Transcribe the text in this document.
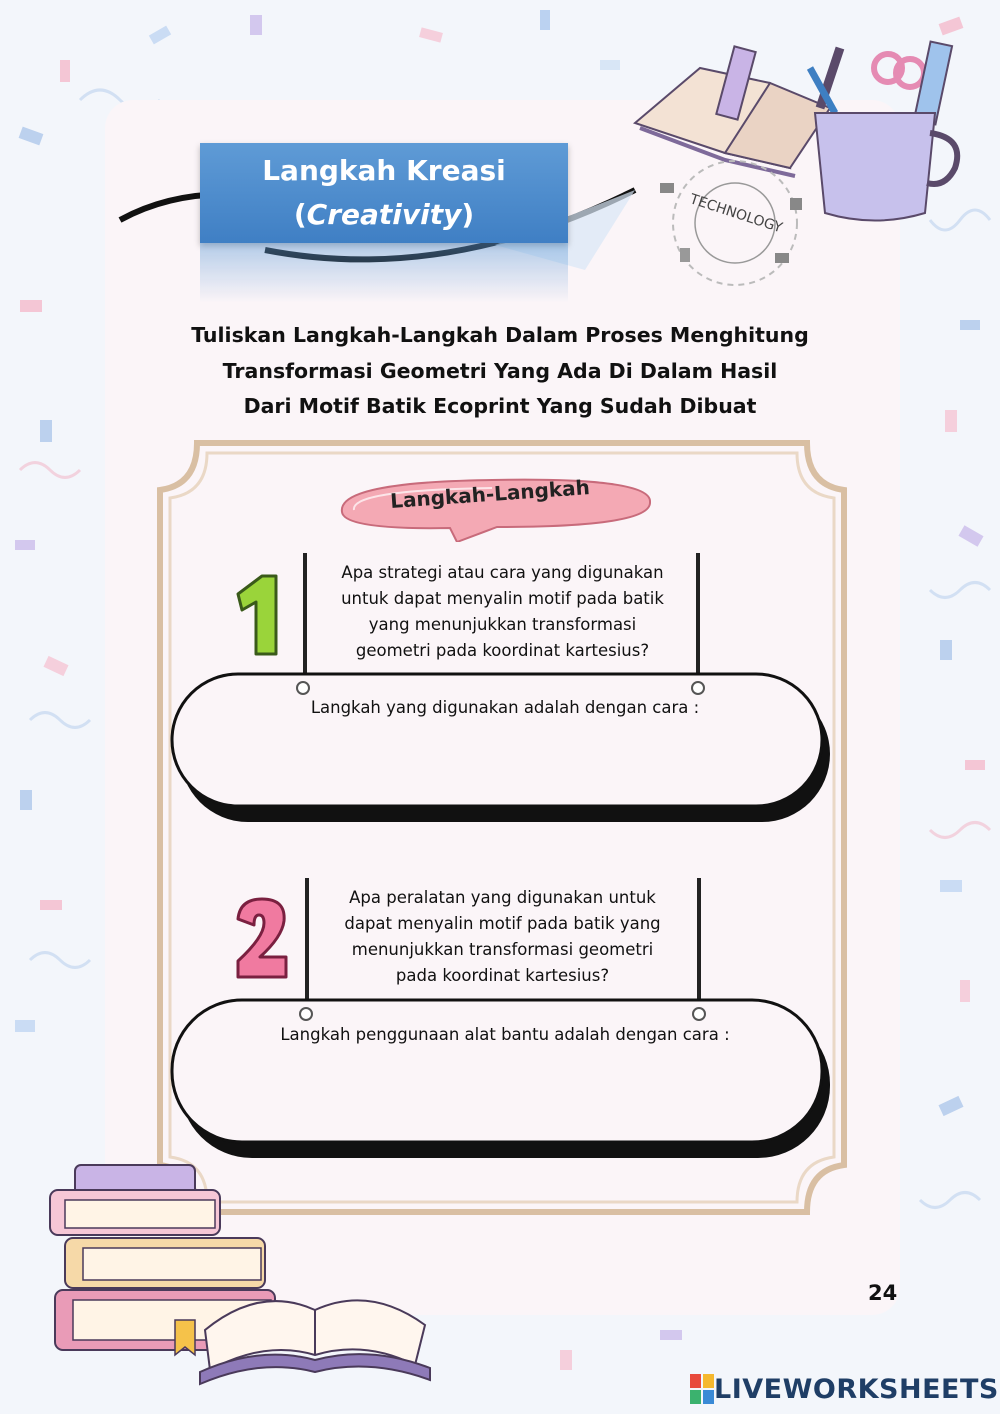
TECHNOLOGY
Langkah Kreasi
(Creativity)
Tuliskan Langkah-Langkah Dalam Proses Menghitung
Transformasi Geometri Yang Ada Di Dalam Hasil
Dari Motif Batik Ecoprint Yang Sudah Dibuat
Langkah-Langkah
Apa strategi atau cara yang digunakan
untuk dapat menyalin motif pada batik
yang menunjukkan transformasi
geometri pada koordinat kartesius?
Langkah yang digunakan adalah dengan cara :
Apa peralatan yang digunakan untuk
dapat menyalin motif pada batik yang
menunjukkan transformasi geometri
pada koordinat kartesius?
Langkah penggunaan alat bantu adalah dengan cara :
24
LIVEWORKSHEETS
